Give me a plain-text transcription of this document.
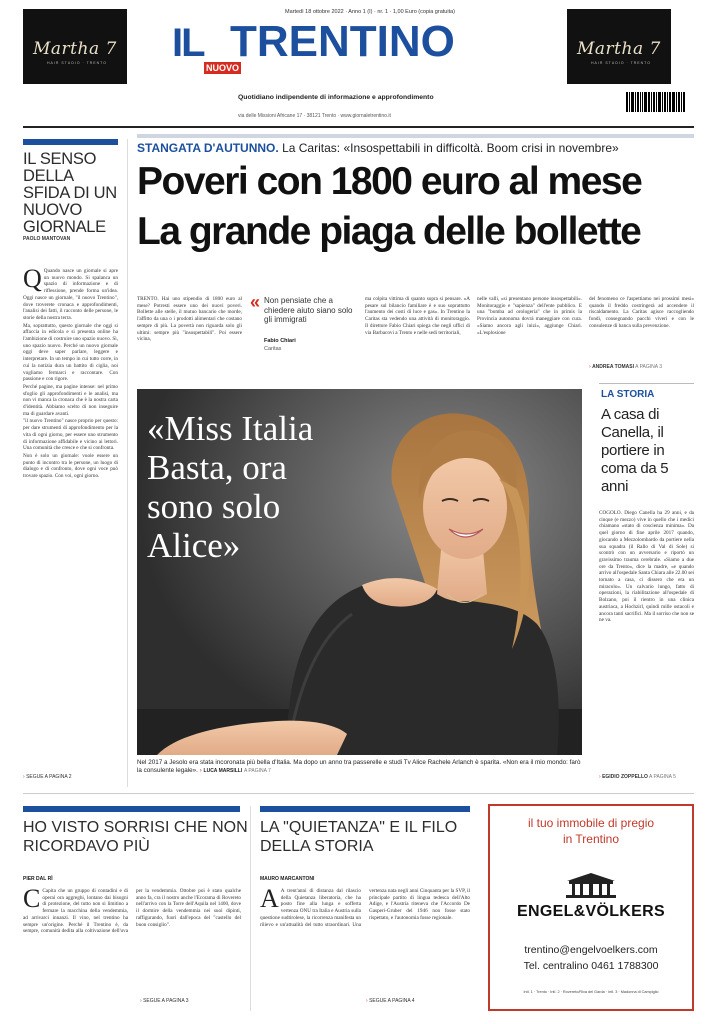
Martha 7
HAIR STUDIO · TRENTO
Martha 7
HAIR STUDIO · TRENTO
Martedì 18 ottobre 2022 · Anno 1 (I) · nr. 1 · 1,00 Euro (copia gratuita)
IL
NUOVO
TRENTINO
Quotidiano indipendente di informazione e approfondimento
via delle Missioni Africane 17 · 38121 Trento · www.giornaletrentino.it
IL SENSO DELLA SFIDA DI UN NUOVO GIORNALE
PAOLO MANTOVAN
Q Quando nasce un giornale si apre un nuovo mondo. Si spalanca un spazio di informazione e di riflessione, prende forma un'idea. Oggi nasce un giornale, "il nuovo Trentino", dove troverete cronaca e approfondimenti, l'analisi dei fatti, il racconto delle persone, le storie della nostra terra.

Ma, soprattutto, questo giornale che oggi si affaccia in edicola e si presenta online ha l'ambizione di costruire uno spazio nuovo. Sì, uno spazio nuovo. Perché un nuovo giornale oggi deve saper parlare, leggere e interpretare. In un tempo in cui tutto corre, in cui la notizia dura un battito di ciglia, noi vogliamo fermarci e raccontare. Con passione e con rigore.

Perché pagine, ma pagine intense: nel primo sfoglio gli approfondimenti e le analisi, ma non vi manca la cronaca che è la nostra carta d'identità. Abbiamo scelto di non inseguire ma di guardare avanti.

"il nuovo Trentino" nasce proprio per questo: per dare strumenti di approfondimento per la vita di ogni giorno, per essere uno strumento di informazione affidabile e vicino ai lettori. Una comunità che cresce e che si confronta.

Non è solo un giornale: vuole essere un punto di incontro tra le persone, un luogo di dialogo e di confronto, dove ogni voce può trovare spazio. Con voi, ogni giorno.

› SEGUE A PAGINA 2
STANGATA D'AUTUNNO. La Caritas: «Insospettabili in difficoltà. Boom crisi in novembre»
Poveri con 1800 euro al mese
La grande piaga delle bollette
TRENTO. Hai uno stipendio di 1800 euro al mese? Potresti essere uno dei nuovi poveri. Bollette alle stelle, il mutuo bancario che morde, l'affitto da una o i prodotti alimentari che costano sempre di più. La povertà non riguarda solo gli ultimi: sempre più "insospettabili". Poi essere vicina,
« Non pensiate che a chiedere aiuto siano solo gli immigrati
Fabio Chiari
Caritas
ma colpita vittima di quanto sopra si pensare. «A pesare sul bilancio familiare è e suo soprattutto l'aumento dei costi di luce e gas». In Trentino la Caritas sta vedendo una attività di monitoraggio. Il direttore Fabio Chiari spiega che negli uffici di via Barbacovi a Trento e nelle sedi territoriali,
nelle valli, «si presentano persone insospettabili». Monitoraggio e "sapienza" dell'ente pubblico. E una "bomba ad orologeria" che in primis la Provincia autonoma dovrà maneggiare con cura. «Siamo ancora agli inizi», aggiunge Chiari. «L'esplosione
del fenomeno ce l'aspettiamo nei prossimi mesi» quando il freddo costringerà ad accendere il riscaldamento. La Caritas agisce raccogliendo fondi, consegnando pacchi viveri e con le consulenze di banca sulla prevenzione.
› ANDREA TOMASI A PAGINA 3
«Miss Italia Basta, ora sono solo Alice»
Nel 2017 a Jesolo era stata incoronata più bella d'Italia. Ma dopo un anno tra passerelle e studi Tv Alice Rachele Arlanch è sparita. «Non era il mio mondo: farò la consulente legale». › LUCA MARSILLI A PAGINA 7
LA STORIA
A casa di Canella, il portiere in coma da 5 anni
COGOLO. Diego Canella ha 29 anni, e da cinque (e mezzo) vive in quello che i medici chiamano «stato di coscienza minima». Da quel giorno di fine aprile 2017 quando, giocando a Mezzolombardo da portiere nella sua squadra (il Rallo di Val di Sole) si scontrò con un avversario e riportò un gravissimo trauma cerebrale. «Siamo a due ore da Trento», dice la madre, «e quando arrivo all'ospedale Santa Chiara alle 22.00 sei tornato a casa, ci dissero che era un miracolo». Un calvario lungo, fatto di operazioni, la riabilitazione all'ospedale di Bolzano, poi il rientro in una clinica austriaca, a Hochzirl, quindi mille ostacoli e ancora tanti sacrifici. Ma il sorriso che non se ne va.
› EGIDIO ZOPPELLO A PAGINA 5
HO VISTO SORRISI CHE NON RICORDAVO PIÙ
PIER DAL RÌ
C Capita che un gruppo di contadini e di operai ora aggreghi, lontano dai bisogni di protezione, del tutto non si limitino a fermare la macchina della vendemmia, ad arrivarci innanzi. Il vino, nel trentino ha sempre un'origine. Perché il Trentino è, da sempre, comunità dedita alla coltivazione dell'uva per la vendemmia. Ottobre poi è stato qualche anno fa, cra il nostro anche l'Ecorama di Rovereto nell'arrivo con la Torre dell'Aquila nel 1400, dove il dormire della vendemmia nei suoi dipinti, raffigurando, fuori dall'epoca del "castello del buon consiglio".
› SEGUE A PAGINA 3
LA "QUIETANZA" E IL FILO DELLA STORIA
MAURO MARCANTONI
A A trent'anni di distanza dal rilascio della Quietanza liberatoria, che ha posto fine alla lunga e sofferta vertenza ONU tra Italia e Austria sulla questione sudtirolese, la ricorrenza manifesta un rilievo e un'attualità del tutto straordinari. Una vertenza nata negli anni Cinquanta per la SVP, il principale partito di lingua tedesca dell'Alto Adige, e l'Austria riteneva che l'Accordo De Gasperi-Gruber del 1946 non fosse stato rispettato, e l'autonomia fosse regionale.
› SEGUE A PAGINA 4
il tuo immobile di pregio
in Trentino
ENGEL&VÖLKERS
trentino@engelvoelkers.com
Tel. centralino 0461 1788300
Intl. 1 · Trento · Intl. 2 · Rovereto/Riva del Garda · Intl. 3 · Madonna di Campiglio
